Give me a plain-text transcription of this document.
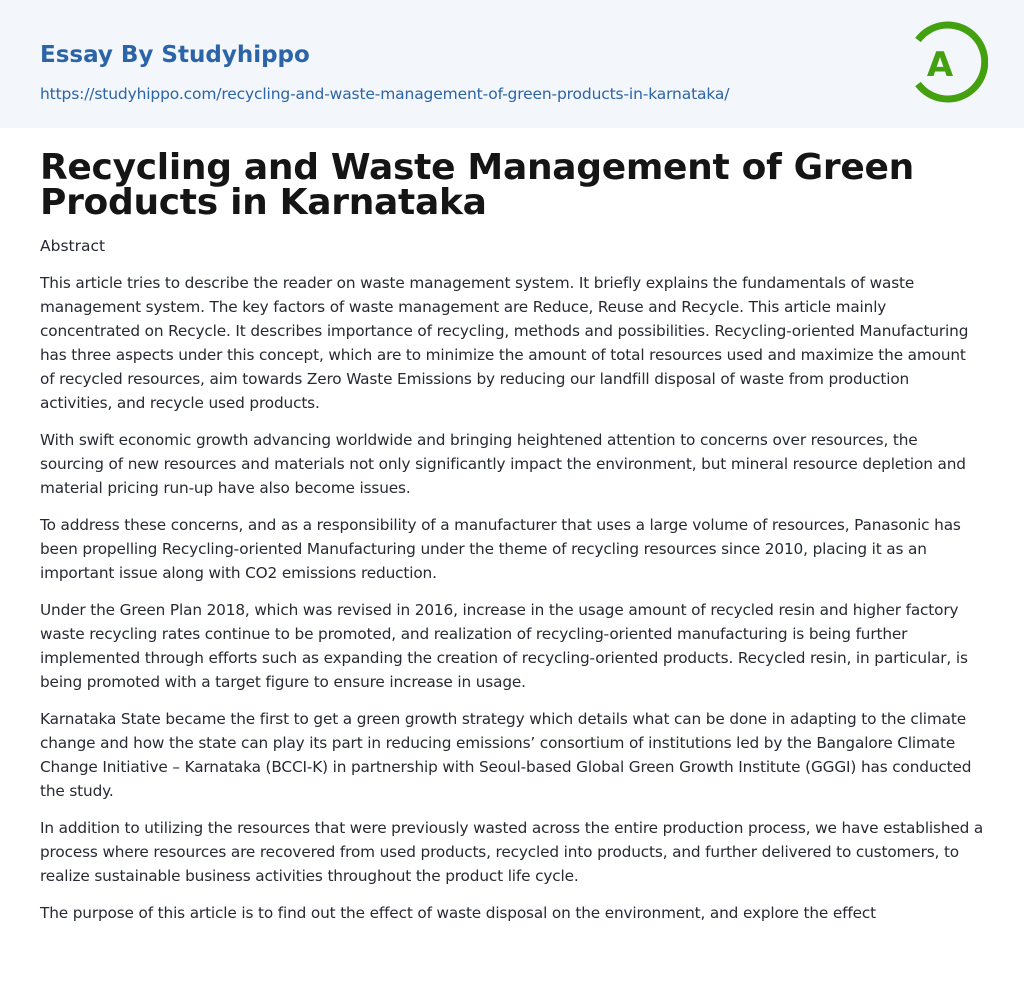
Essay By Studyhippo
https://studyhippo.com/recycling-and-waste-management-of-green-products-in-karnataka/
A
Recycling and Waste Management of Green Products in Karnataka
Abstract

This article tries to describe the reader on waste management system. It briefly explains the fundamentals of waste management system. The key factors of waste management are Reduce, Reuse and Recycle. This article mainly concentrated on Recycle. It describes importance of recycling, methods and possibilities. Recycling-oriented Manufacturing has three aspects under this concept, which are to minimize the amount of total resources used and maximize the amount of recycled resources, aim towards Zero Waste Emissions by reducing our landfill disposal of waste from production activities, and recycle used products.

With swift economic growth advancing worldwide and bringing heightened attention to concerns over resources, the sourcing of new resources and materials not only significantly impact the environment, but mineral resource depletion and material pricing run-up have also become issues.

To address these concerns, and as a responsibility of a manufacturer that uses a large volume of resources, Panasonic has been propelling Recycling-oriented Manufacturing under the theme of recycling resources since 2010, placing it as an important issue along with CO2 emissions reduction.

Under the Green Plan 2018, which was revised in 2016, increase in the usage amount of recycled resin and higher factory waste recycling rates continue to be promoted, and realization of recycling-oriented manufacturing is being further implemented through efforts such as expanding the creation of recycling-oriented products. Recycled resin, in particular, is being promoted with a target figure to ensure increase in usage.

Karnataka State became the first to get a green growth strategy which details what can be done in adapting to the climate change and how the state can play its part in reducing emissions’ consortium of institutions led by the Bangalore Climate Change Initiative – Karnataka (BCCI-K) in partnership with Seoul-based Global Green Growth Institute (GGGI) has conducted the study.

In addition to utilizing the resources that were previously wasted across the entire production process, we have established a process where resources are recovered from used products, recycled into products, and further delivered to customers, to realize sustainable business activities throughout the product life cycle.

The purpose of this article is to find out the effect of waste disposal on the environment, and explore the effect
